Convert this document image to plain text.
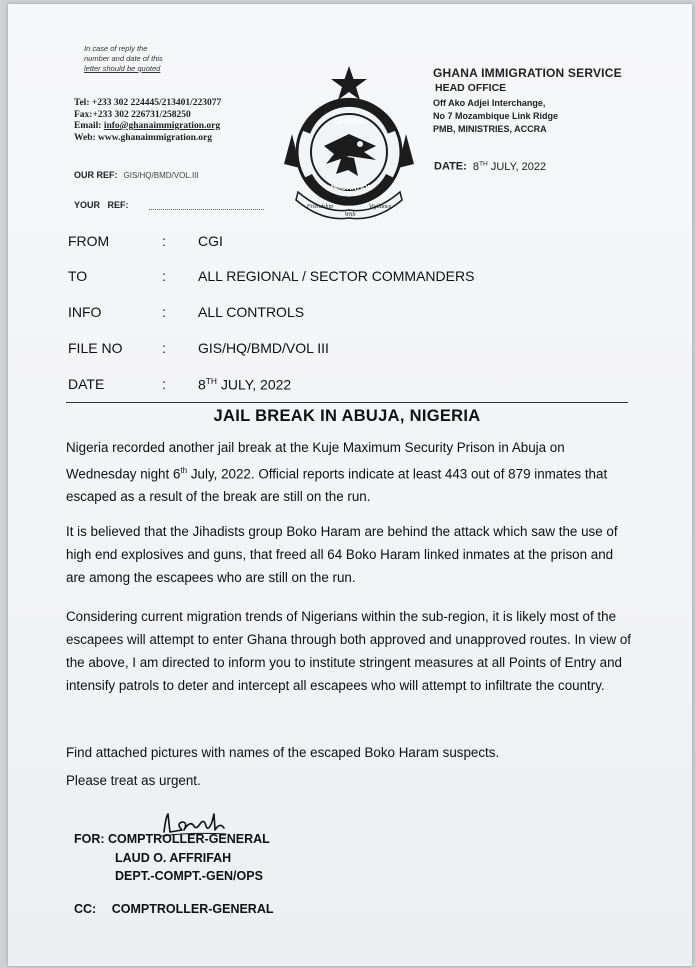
In case of reply the
number and date of this
letter should be quoted
Tel: +233 302 224445/213401/223077
Fax:+233 302 226731/258250
Email: info@ghanaimmigration.org
Web: www.ghanaimmigration.org
OUR REF: GIS/HQ/BMD/VOL.III
YOUR   REF:
GHANA
IMMIGRATION
Friendship
With
Vigilance
GHANA IMMIGRATION SERVICE
HEAD OFFICE
Off Ako Adjei Interchange,
No 7 Mozambique Link Ridge
PMB, MINISTRIES, ACCRA
DATE: 8TH JULY, 2022
FROM	: CGI
TO	: ALL REGIONAL / SECTOR COMMANDERS
INFO	: ALL CONTROLS
FILE NO	: GIS/HQ/BMD/VOL III
DATE	: 8TH JULY, 2022
JAIL BREAK IN ABUJA, NIGERIA

Nigeria recorded another jail break at the Kuje Maximum Security Prison in Abuja on Wednesday night 6th July, 2022. Official reports indicate at least 443 out of 879 inmates that escaped as a result of the break are still on the run.

It is believed that the Jihadists group Boko Haram are behind the attack which saw the use of high end explosives and guns, that freed all 64 Boko Haram linked inmates at the prison and are among the escapees who are still on the run.

Considering current migration trends of Nigerians within the sub-region, it is likely most of the escapees will attempt to enter Ghana through both approved and unapproved routes. In view of the above, I am directed to inform you to institute stringent measures at all Points of Entry and intensify patrols to deter and intercept all escapees who will attempt to infiltrate the country.

Find attached pictures with names of the escaped Boko Haram suspects.

Please treat as urgent.

FOR: COMPTROLLER-GENERAL
LAUD O. AFFRIFAH
DEPT.-COMPT.-GEN/OPS
CC: COMPTROLLER-GENERAL
